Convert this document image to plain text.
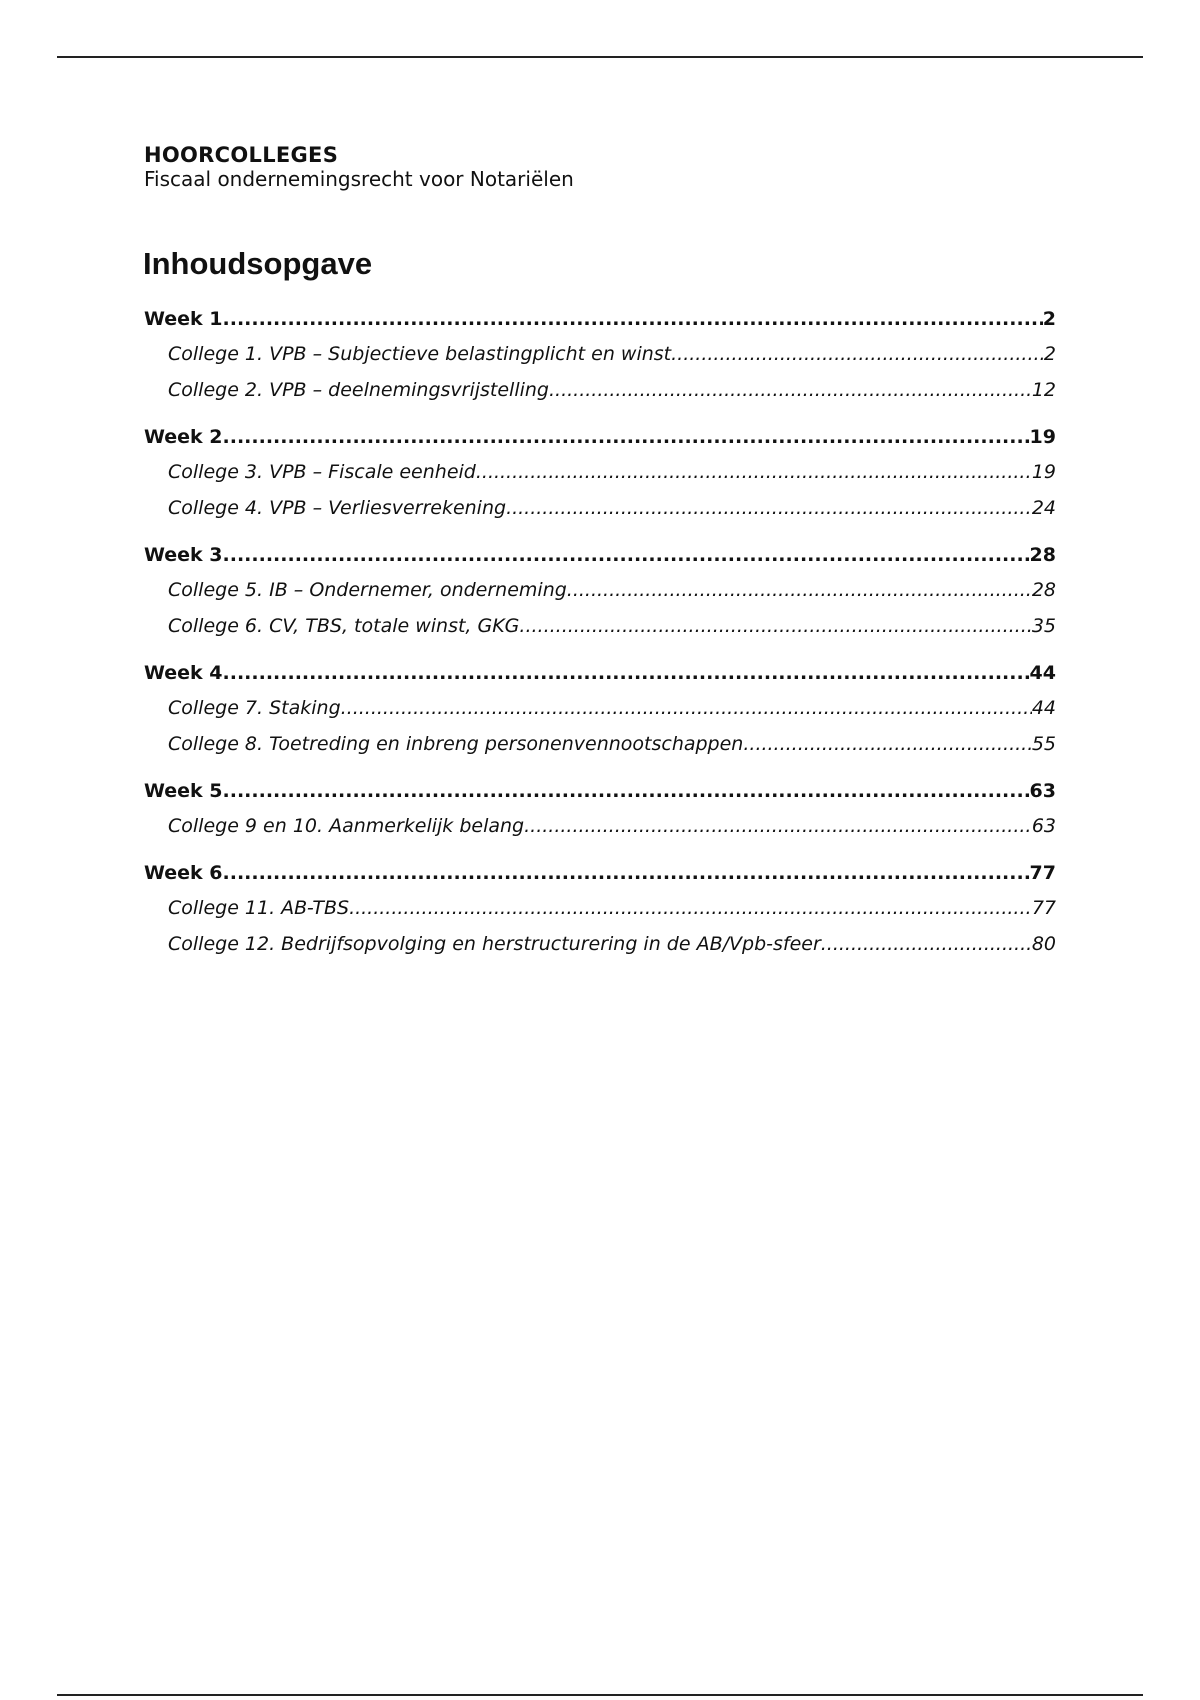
HOORCOLLEGES
Fiscaal ondernemingsrecht voor Notariëlen
Inhoudsopgave
Week 1 .....	2
College 1. VPB – Subjectieve belastingplicht en winst .....	2
College 2. VPB – deelnemingsvrijstelling .....	12
Week 2 .....	19
College 3. VPB – Fiscale eenheid .....	19
College 4. VPB – Verliesverrekening .....	24
Week 3 .....	28
College 5. IB – Ondernemer, onderneming .....	28
College 6. CV, TBS, totale winst, GKG .....	35
Week 4 .....	44
College 7. Staking .....	44
College 8. Toetreding en inbreng personenvennootschappen .....	55
Week 5 .....	63
College 9 en 10. Aanmerkelijk belang .....	63
Week 6 .....	77
College 11. AB-TBS .....	77
College 12. Bedrijfsopvolging en herstructurering in de AB/Vpb-sfeer .....	80
